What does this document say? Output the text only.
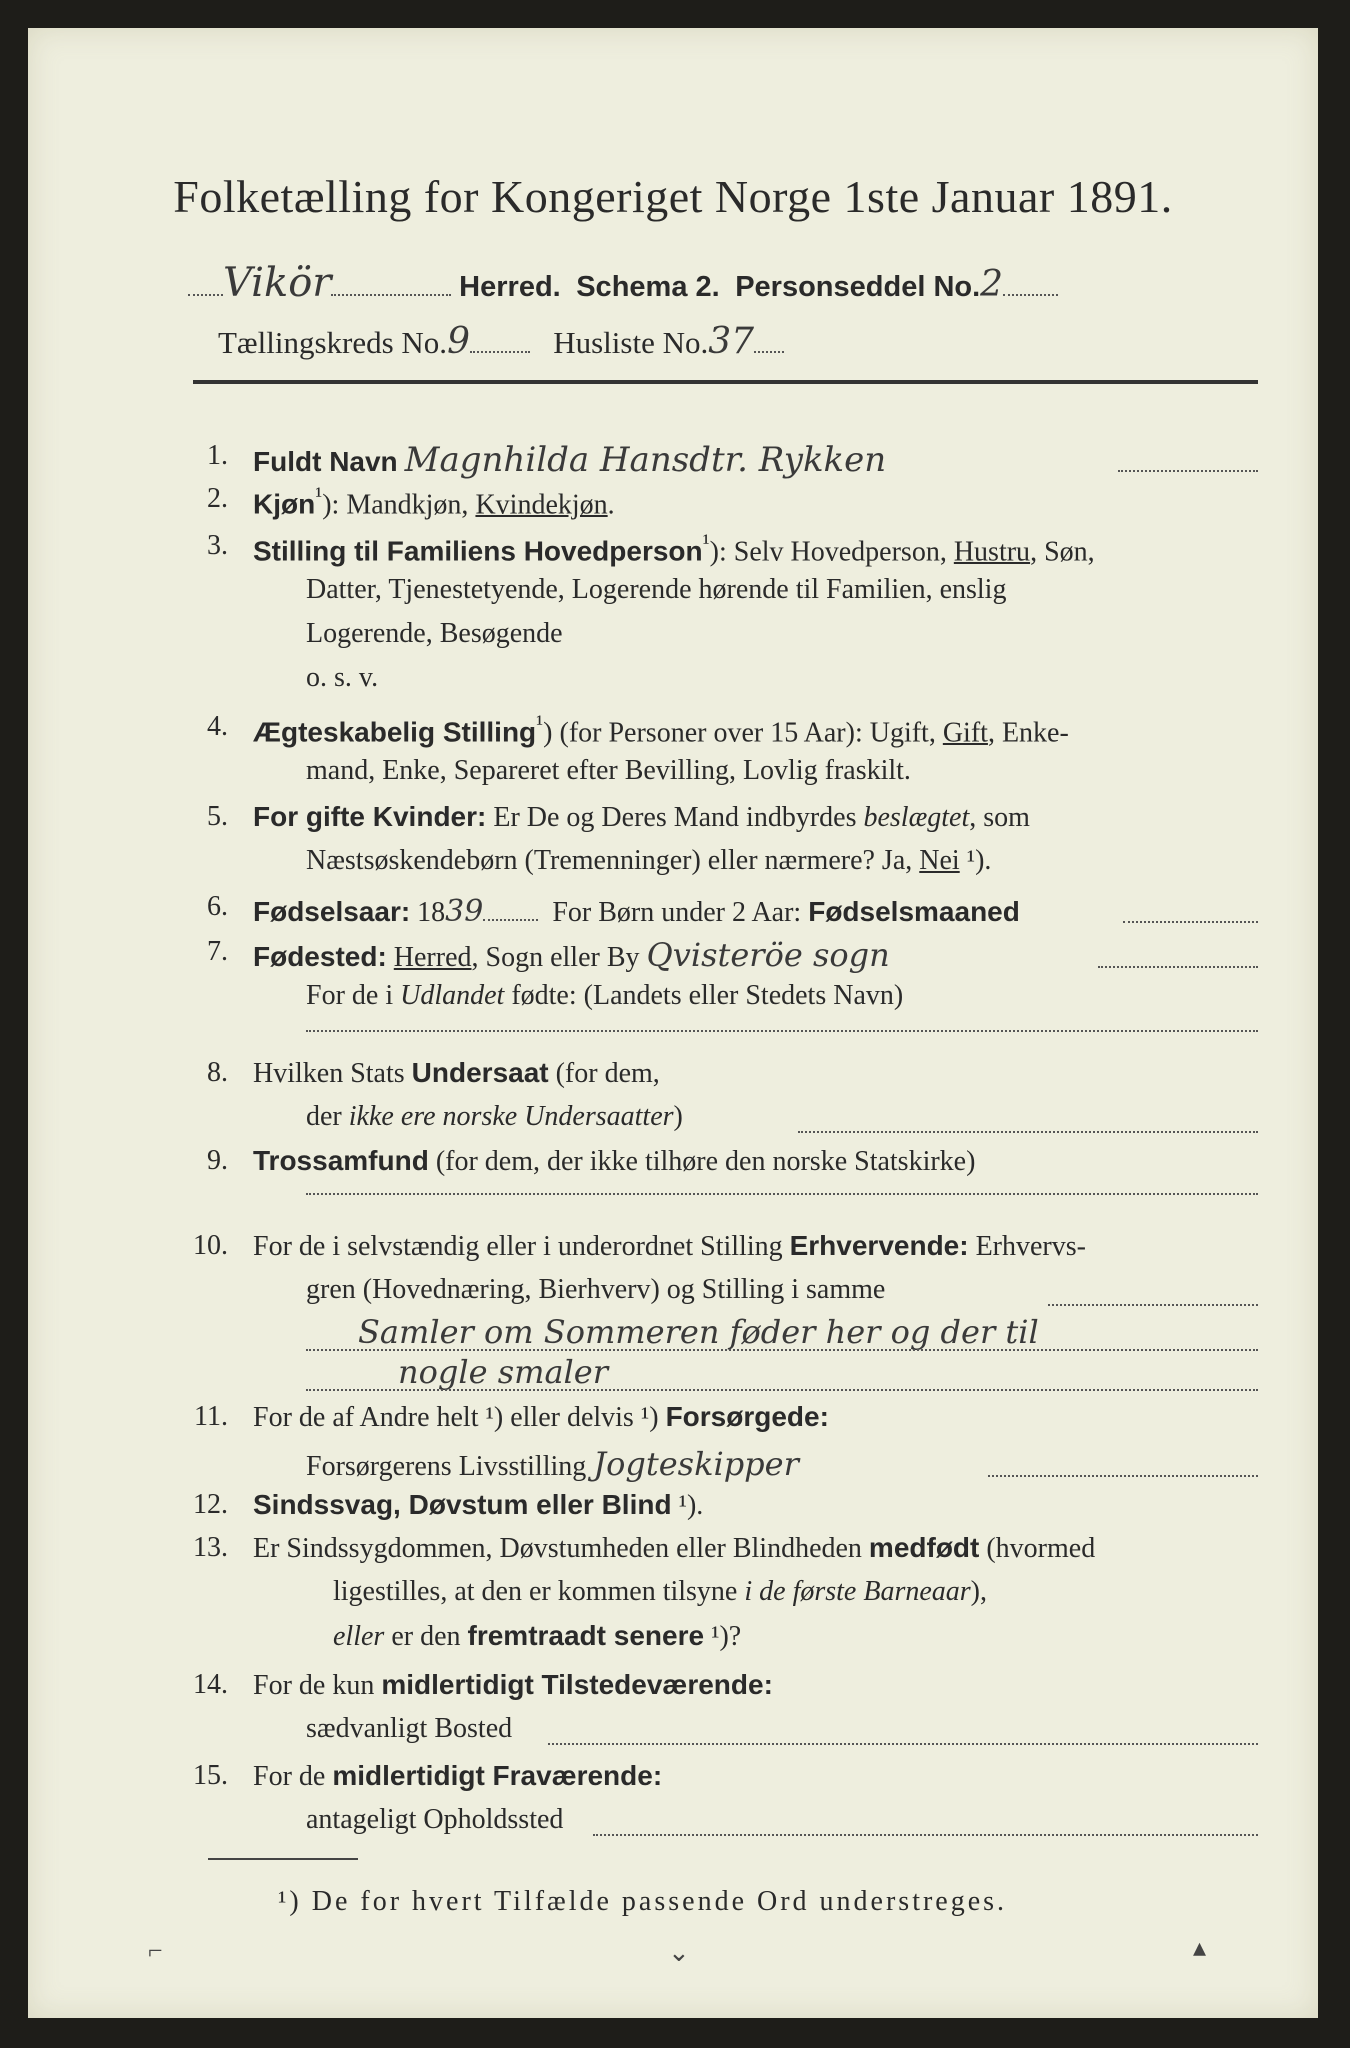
Folketælling for Kongeriget Norge 1ste Januar 1891.
Vikör	Herred. Schema 2. Personseddel No.2
Tællingskreds No.9	Husliste No.37
1. Fuldt Navn Magnhilda Hansdtr. Rykken
2. Kjøn$^{^1}$): Mandkjøn, Kvindekjøn.
3. Stilling til Familiens Hovedperson$^{^1}$): Selv Hovedperson, Hustru, Søn,
Datter, Tjenestetyende, Logerende hørende til Familien, enslig
Logerende, Besøgende
o. s. v.
4. Ægteskabelig Stilling$^{^1}$) (for Personer over 15 Aar): Ugift, Gift, Enke-
mand, Enke, Separeret efter Bevilling, Lovlig fraskilt.
5. For gifte Kvinder: Er De og Deres Mand indbyrdes beslægtet, som
Næstsøskendebørn (Tremenninger) eller nærmere? Ja, Nei ¹).
6. Fødselsaar: 1839 For Børn under 2 Aar: Fødselsmaaned
7. Fødested: Herred, Sogn eller By Qvisteröe sogn
For de i Udlandet fødte: (Landets eller Stedets Navn)
8. Hvilken Stats Undersaat (for dem,
der ikke ere norske Undersaatter)
9. Trossamfund (for dem, der ikke tilhøre den norske Statskirke)
10. For de i selvstændig eller i underordnet Stilling Erhvervende: Erhvervs-
gren (Hovednæring, Bierhverv) og Stilling i samme
Samler om Sommeren føder her og der til
nogle smaler
11. For de af Andre helt ¹) eller delvis ¹) Forsørgede:
Forsørgerens Livsstilling Jogteskipper
12. Sindssvag, Døvstum eller Blind ¹).
13. Er Sindssygdommen, Døvstumheden eller Blindheden medfødt (hvormed
ligestilles, at den er kommen tilsyne i de første Barneaar),
eller er den fremtraadt senere ¹)?
14. For de kun midlertidigt Tilstedeværende:
sædvanligt Bosted
15. For de midlertidigt Fraværende:
antageligt Opholdssted
¹) De for hvert Tilfælde passende Ord understreges.
⌐	⌄	▴
